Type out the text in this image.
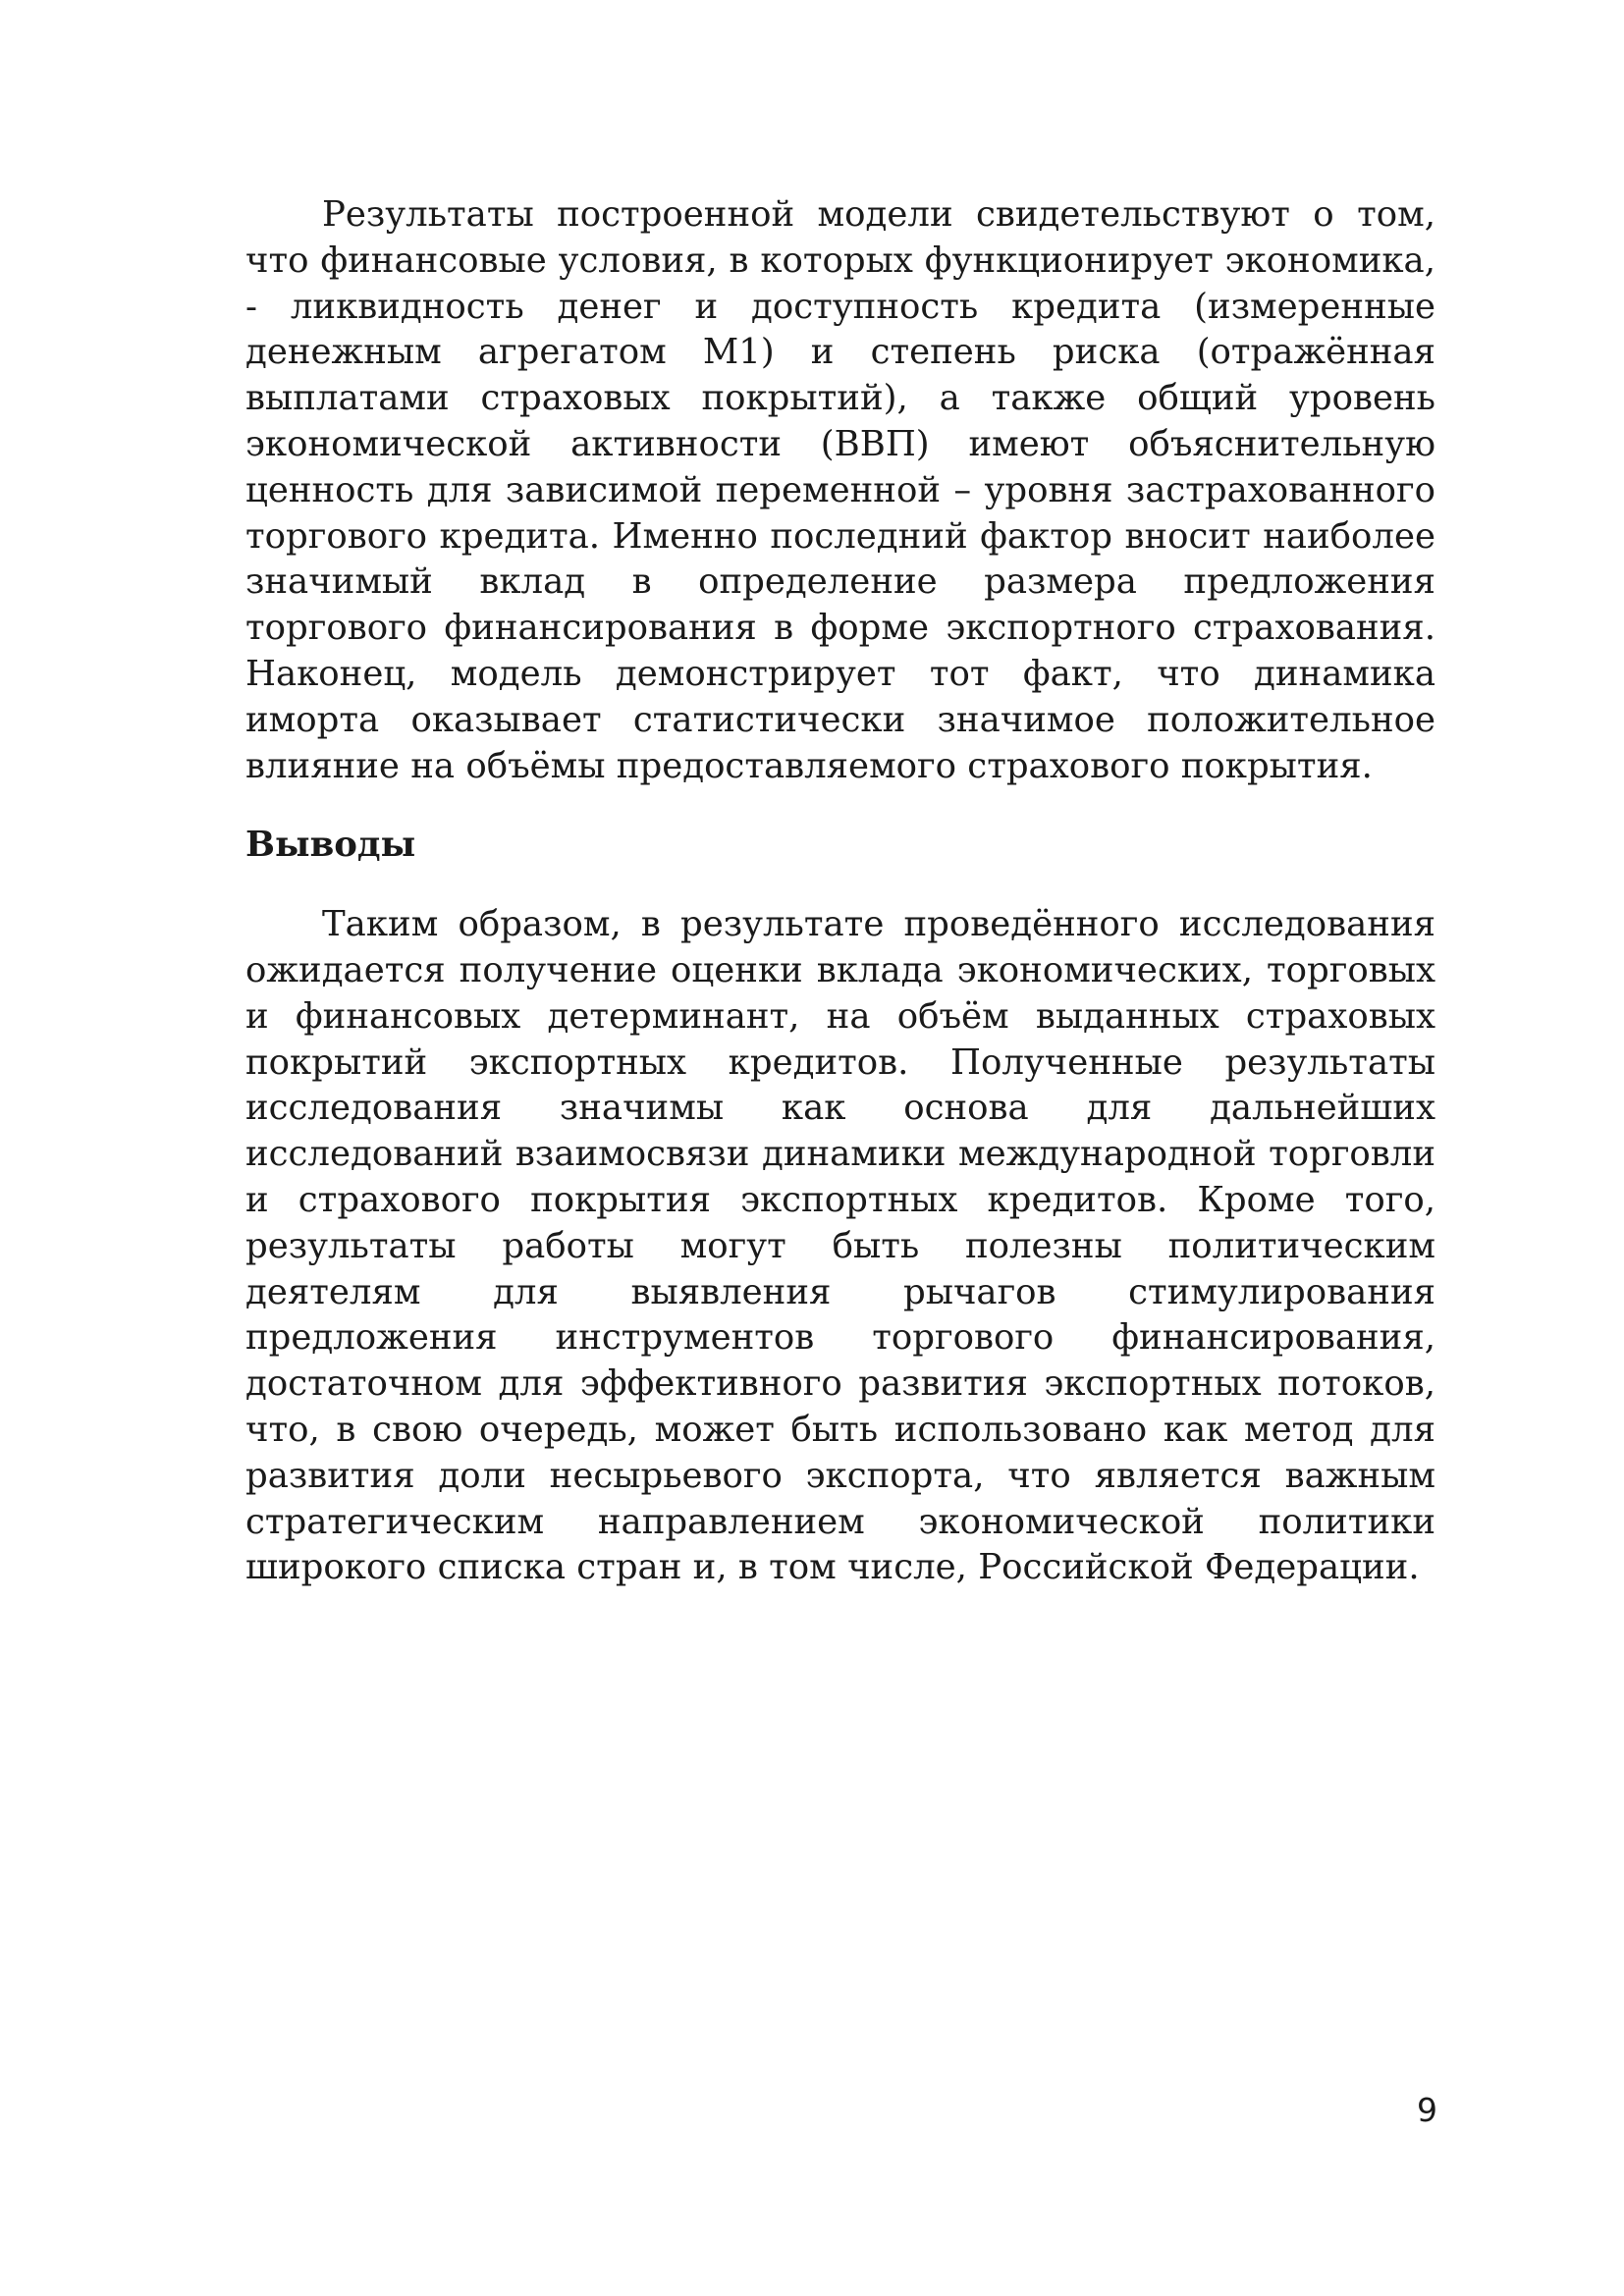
Результаты построенной модели свидетельствуют о том, что финансовые условия, в которых функционирует экономика, - ликвидность денег и доступность кредита (измеренные денежным агрегатом М1) и степень риска (отражённая выплатами страховых покрытий), а также общий уровень экономической активности (ВВП) имеют объяснительную ценность для зависимой переменной – уровня застрахованного торгового кредита. Именно последний фактор вносит наиболее значимый вклад в определение размера предложения торгового финансирования в форме экспортного страхования. Наконец, модель демонстрирует тот факт, что динамика иморта оказывает статистически значимое положительное влияние на объёмы предоставляемого страхового покрытия.

Выводы

Таким образом, в результате проведённого исследования ожидается получение оценки вклада экономических, торговых и финансовых детерминант, на объём выданных страховых покрытий экспортных кредитов. Полученные результаты исследования значимы как основа для дальнейших исследований взаимосвязи динамики международной торговли и страхового покрытия экспортных кредитов. Кроме того, результаты работы могут быть полезны политическим деятелям для выявления рычагов стимулирования предложения инструментов торгового финансирования, достаточном для эффективного развития экспортных потоков, что, в свою очередь, может быть использовано как метод для развития доли несырьевого экспорта, что является важным стратегическим направлением экономической политики широкого списка стран и, в том числе, Российской Федерации.

9
